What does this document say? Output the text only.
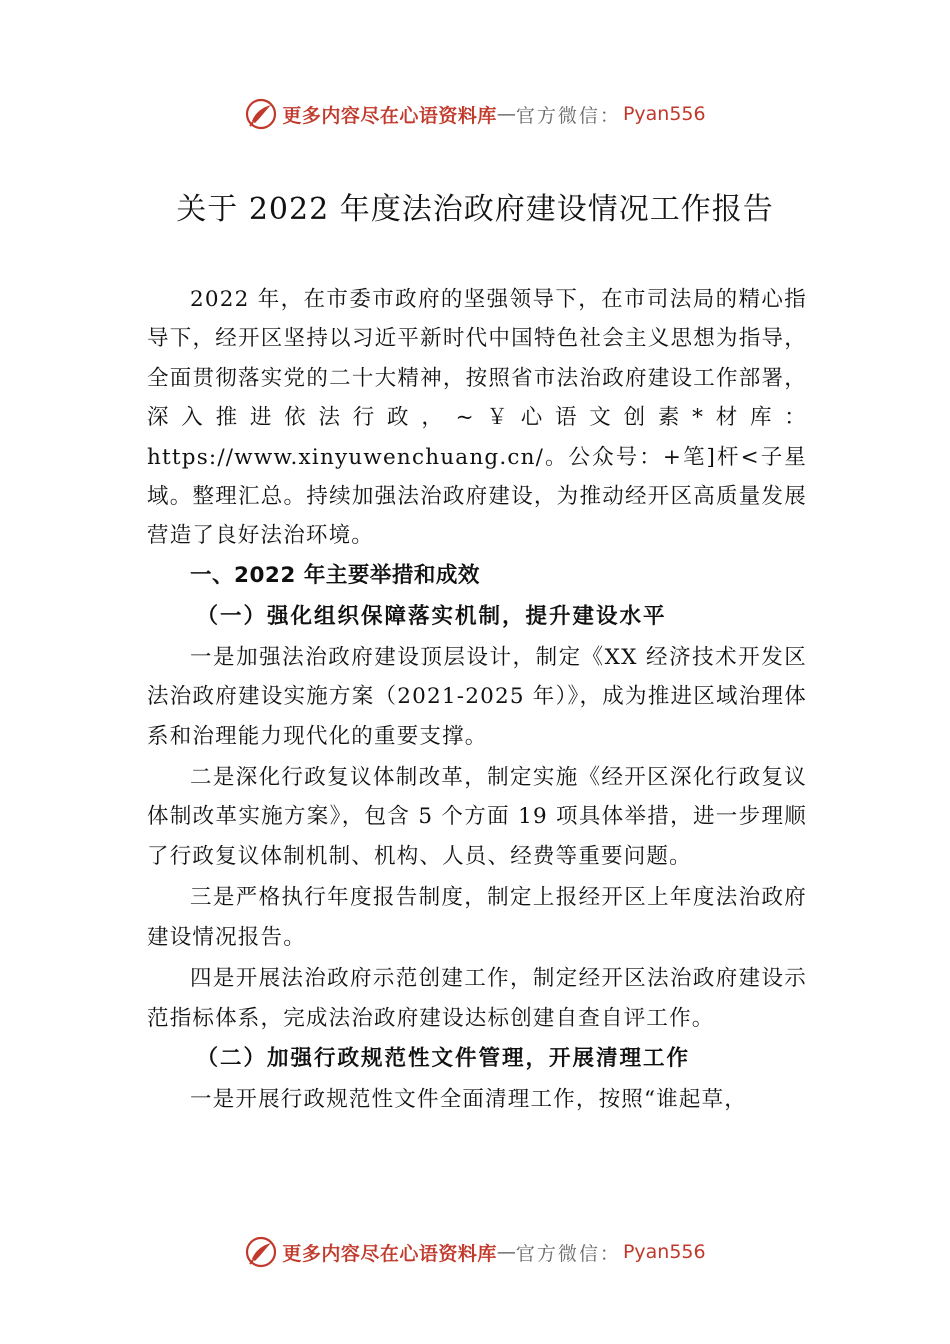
更多内容尽在心语资料库 — 官方微信： Pyan556
关于 2022 年度法治政府建设情况工作报告

2022 年，在市委市政府的坚强领导下，在市司法局的精心指导下，经开区坚持以习近平新时代中国特色社会主义思想为指导，全面贯彻落实党的二十大精神，按照省市法治政府建设工作部署，深入推进依法行政，~￥心语文创素*材库：https://www.xinyuwenchuang.cn/。公众号：+笔]杆<子星域。整理汇总。持续加强法治政府建设，为推动经开区高质量发展营造了良好法治环境。

一、2022 年主要举措和成效

（一）强化组织保障落实机制，提升建设水平

一是加强法治政府建设顶层设计，制定《XX 经济技术开发区法治政府建设实施方案（2021-2025 年）》，成为推进区域治理体系和治理能力现代化的重要支撑。

二是深化行政复议体制改革，制定实施《经开区深化行政复议体制改革实施方案》，包含 5 个方面 19 项具体举措，进一步理顺了行政复议体制机制、机构、人员、经费等重要问题。

三是严格执行年度报告制度，制定上报经开区上年度法治政府建设情况报告。

四是开展法治政府示范创建工作，制定经开区法治政府建设示范指标体系，完成法治政府建设达标创建自查自评工作。

（二）加强行政规范性文件管理，开展清理工作

一是开展行政规范性文件全面清理工作，按照“谁起草，

更多内容尽在心语资料库 — 官方微信： Pyan556
